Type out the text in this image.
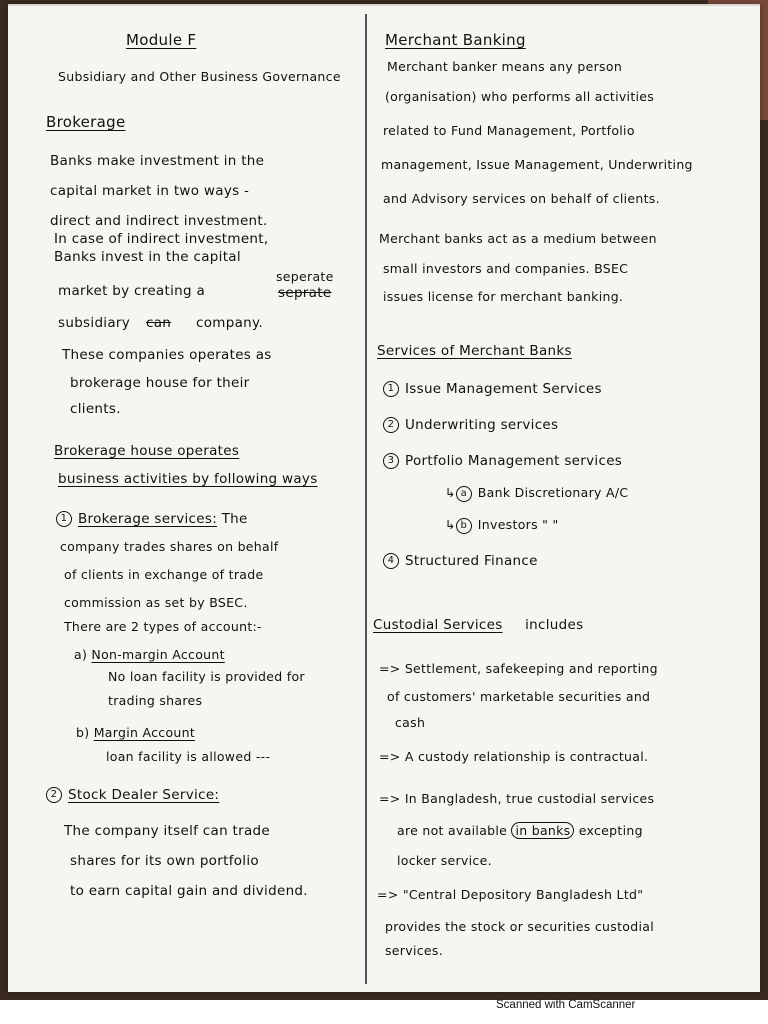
Module F
Subsidiary and Other Business Governance
Brokerage
Banks make investment in the
capital market in two ways -
direct and indirect investment.
In case of indirect investment,
Banks invest in the capital
seperate
market by creating a	seprate
subsidiary can company.
These companies operates as
brokerage house for their
clients.
Brokerage house operates
business activities by following ways
1 Brokerage services: The
company trades shares on behalf
of clients in exchange of trade
commission as set by BSEC.
There are 2 types of account:-
a) Non-margin Account
No loan facility is provided for
trading shares
b) Margin Account
loan facility is allowed ---
2 Stock Dealer Service:
The company itself can trade
shares for its own portfolio
to earn capital gain and dividend.
Merchant Banking
Merchant banker means any person
(organisation) who performs all activities
related to Fund Management, Portfolio
management, Issue Management, Underwriting
and Advisory services on behalf of clients.
Merchant banks act as a medium between
small investors and companies. BSEC
issues license for merchant banking.
Services of Merchant Banks
1 Issue Management Services
2 Underwriting services
3 Portfolio Management services
↳ a Bank Discretionary A/C
↳ b Investors " "
4 Structured Finance
Custodial Services includes
=> Settlement, safekeeping and reporting
of customers' marketable securities and
cash
=> A custody relationship is contractual.
=> In Bangladesh, true custodial services
are not available in banks excepting
locker service.
=> "Central Depository Bangladesh Ltd"
provides the stock or securities custodial
services.
Scanned with CamScanner
